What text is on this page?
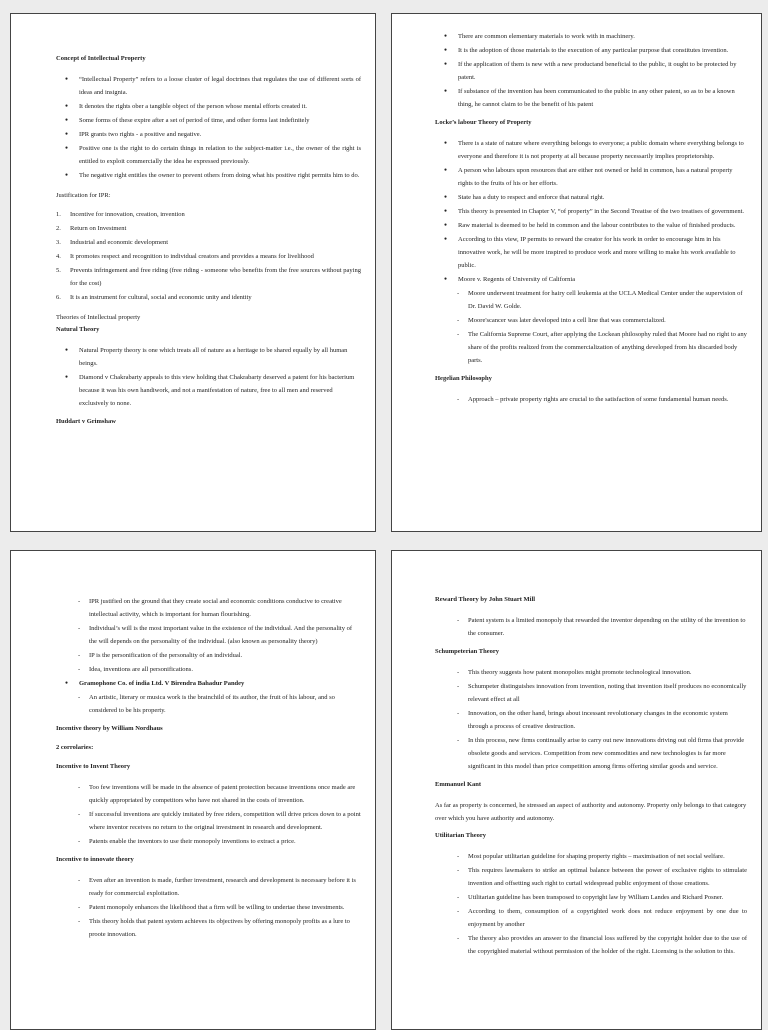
Concept of Intellectual Property
● “Intellectual Property” refers to a loose cluster of legal doctrines that regulates the use of different sorts of ideas and insignia.
● It denotes the rights ober a tangible object of the person whose mental efforts created it.
● Some forms of these expire after a set of period of time, and other forms last indefinitely
● IPR grants two rights - a positive and negative.
● Positive one is the right to do certain things in relation to the subject-matter i.e., the owner of the right is entitled to exploit commercially the idea he expressed previously.
● The negative right entitles the owner to prevent others from doing what his positive right permits him to do.
Justification for IPR:
1. Incentive for innovation, creation, invention
2. Return on Investment
3. Industrial and economic development
4. It promotes respect and recognition to individual creators and provides a means for livelihood
5. Prevents infringement and free riding (free riding - someone who benefits from the free sources without paying for the cost)
6. It is an instrument for cultural, social and economic unity and identity
Theories of Intellectual property
Natural Theory
● Natural Property theory is one which treats all of nature as a heritage to be shared equally by all human beings.
● Diamond v Chakrabarty appeals to this view holding that Chakrabarty deserved a patent for his bacterium because it was his own handiwork, and not a manifestation of nature, free to all men and reserved exclusively to none.
Huddart v Grimshaw
● There are common elementary materials to work with in machinery.
● It is the adoption of those materials to the execution of any particular purpose that constitutes invention.
● If the application of them is new with a new productand beneficial to the public, it ought to be protected by patent.
● If substance of the invention has been communicated to the public in any other patent, so as to be a known thing, he cannot claim to be the benefit of his patent
Locke’s labour Theory of Property
● There is a state of nature where everything belongs to everyone; a public domain where everything belongs to everyone and therefore it is not property at all because property necessarily implies proprietorship.
● A person who labours upon resources that are either not owned or held in common, has a natural property rights to the fruits of his or her efforts.
● State has a duty to respect and enforce that natural right.
● This theory is presented in Chapter V, “of property” in the Second Treatise of the two treatises of government.
● Raw material is deemed to be held in common and the labour contributes to the value of finished products.
● According to this view, IP permits to reward the creator for his work in order to encourage him in his innovative work, he will be more inspired to produce work and more willing to make his work available to public.
● Moore v. Regents of University of California
- Moore underwent treatment for hairy cell leukemia at the UCLA Medical Center under the supervision of Dr. David W. Golde.
- Moore'scancer was later developed into a cell line that was commercialized.
- The California Supreme Court, after applying the Lockean philosophy ruled that Moore had no right to any share of the profits realized from the commercialization of anything developed from his discarded body parts.
Hegelian Philosophy
- Approach – private property rights are crucial to the satisfaction of some fundamental human needs.
- IPR justified on the ground that they create social and economic conditions conducive to creative intellectual activity, which is important for human flourishing.
- Individual’s will is the most important value in the existence of the individual. And the personality of the will depends on the personality of the individual. (also known as personality theory)
- IP is the personification of the personality of an individual.
- Idea, inventions are all personifications.
● Gramophone Co. of india Ltd. V Birendra Bahadur Pandey
- An artistic, literary or musica work is the brainchild of its author, the fruit of his labour, and so considered to be his property.
Incentive theory by William Nordhaus
2 corrolaries:
Incentive to Invent Theory
- Too few inventions will be made in the absence of patent protection because inventions once made are quickly appropriated by competitors who have not shared in the costs of invention.
- If successful inventions are quickly imitated by free riders, competition will drive prices down to a point where inventor receives no return to the original investment in research and development.
- Patents enable the inventors to use their monopoly inventions to extract a price.
Incentive to innovate theory
- Even after an invention is made, further investment, research and development is necessary before it is ready for commercial exploitation.
- Patent monopoly enhances the likelihood that a firm will be willing to undertae these investments.
- This theory holds that patent system achieves its objectives by offering monopoly profits as a lure to proote innovation.
Reward Theory by John Stuart Mill
- Patent system is a limited monopoly that rewarded the inventor depending on the utility of the invention to the consumer.
Schumpeterian Theory
- This theory suggests how patent monopolies might promote technological innovation.
- Schumpeter distinguishes innovation from invention, noting that invention itself produces no economically relevant effect at all
- Innovation, on the other hand, brings about incessant revolutionary changes in the economic system through a process of creative destruction.
- In this process, new firms continually arise to carry out new innovations driving out old firms that provide obsolete goods and services. Competition from new commodities and new technologies is far more significant in this model than price competition among firms offering similar goods and service.
Emmanuel Kant
As far as property is concerned, he stressed an aspect of authority and autonomy. Property only belongs to that category over which you have authority and autonomy.
Utilitarian Theory
- Most popular utilitarian guideline for shaping property rights – maximisation of net social welfare.
- This requires lawmakers to strike an optimal balance between the power of exclusive rights to stimulate invention and offsetting such right to curtail widespread public enjoyment of those creations.
- Utilitarian guideline has been transposed to copyright law by William Landes and Richard Posner.
- According to them, consumption of a copyrighted work does not reduce enjoyment by one due to enjoyment by another
- The theory also provides an answer to the financial loss suffered by the copyright holder due to the use of the copyrighted material without permission of the holder of the right. Licensing is the solution to this.
